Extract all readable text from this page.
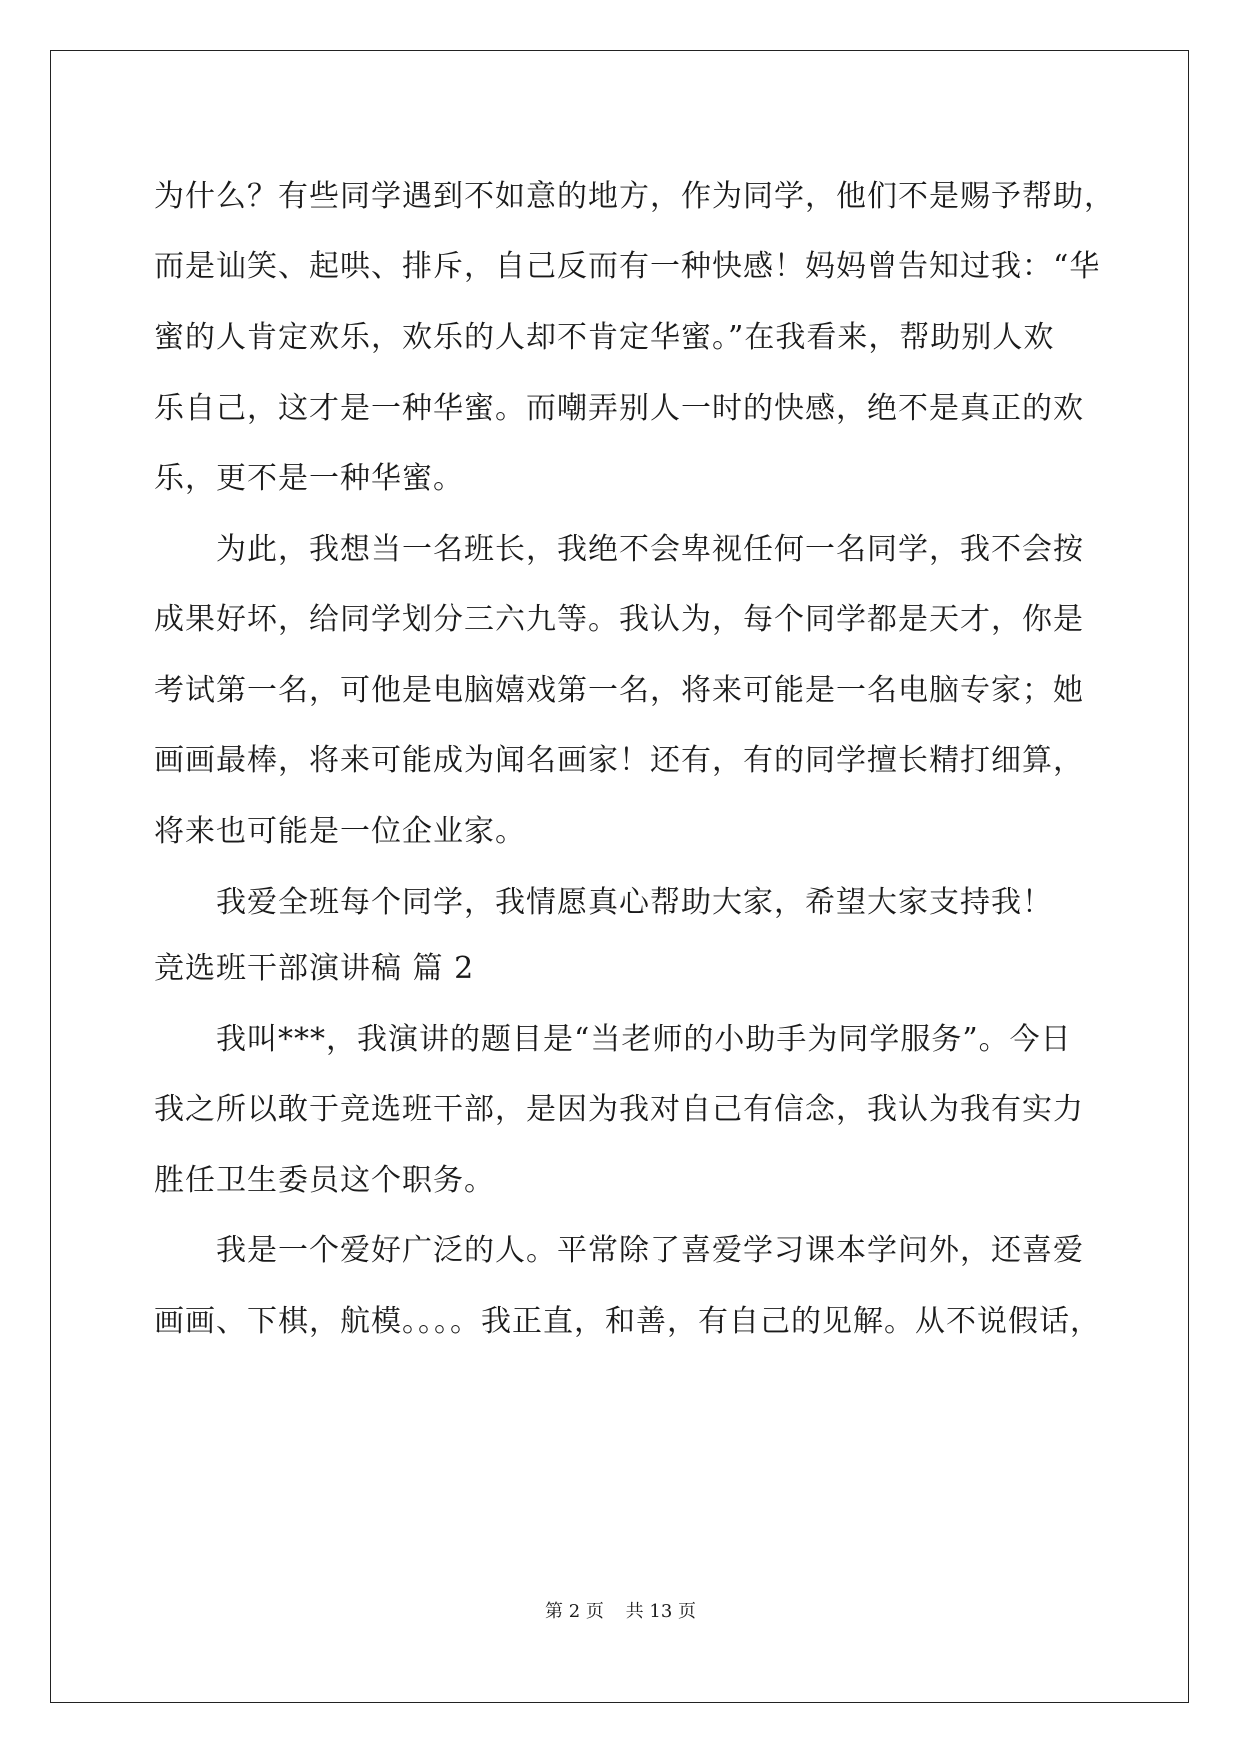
为什么？有些同学遇到不如意的地方，作为同学，他们不是赐予帮助，
而是讪笑、起哄、排斥，自己反而有一种快感！妈妈曾告知过我：“华
蜜的人肯定欢乐，欢乐的人却不肯定华蜜。”在我看来，帮助别人欢
乐自己，这才是一种华蜜。而嘲弄别人一时的快感，绝不是真正的欢
乐，更不是一种华蜜。
为此，我想当一名班长，我绝不会卑视任何一名同学，我不会按
成果好坏，给同学划分三六九等。我认为，每个同学都是天才，你是
考试第一名，可他是电脑嬉戏第一名，将来可能是一名电脑专家；她
画画最棒，将来可能成为闻名画家！还有，有的同学擅长精打细算，
将来也可能是一位企业家。
我爱全班每个同学，我情愿真心帮助大家，希望大家支持我！
竞选班干部演讲稿 篇 2
我叫***，我演讲的题目是“当老师的小助手为同学服务”。今日
我之所以敢于竞选班干部，是因为我对自己有信念，我认为我有实力
胜任卫生委员这个职务。
我是一个爱好广泛的人。平常除了喜爱学习课本学问外，还喜爱
画画、下棋，航模。。。。我正直，和善，有自己的见解。从不说假话，
第 2 页 共 13 页
